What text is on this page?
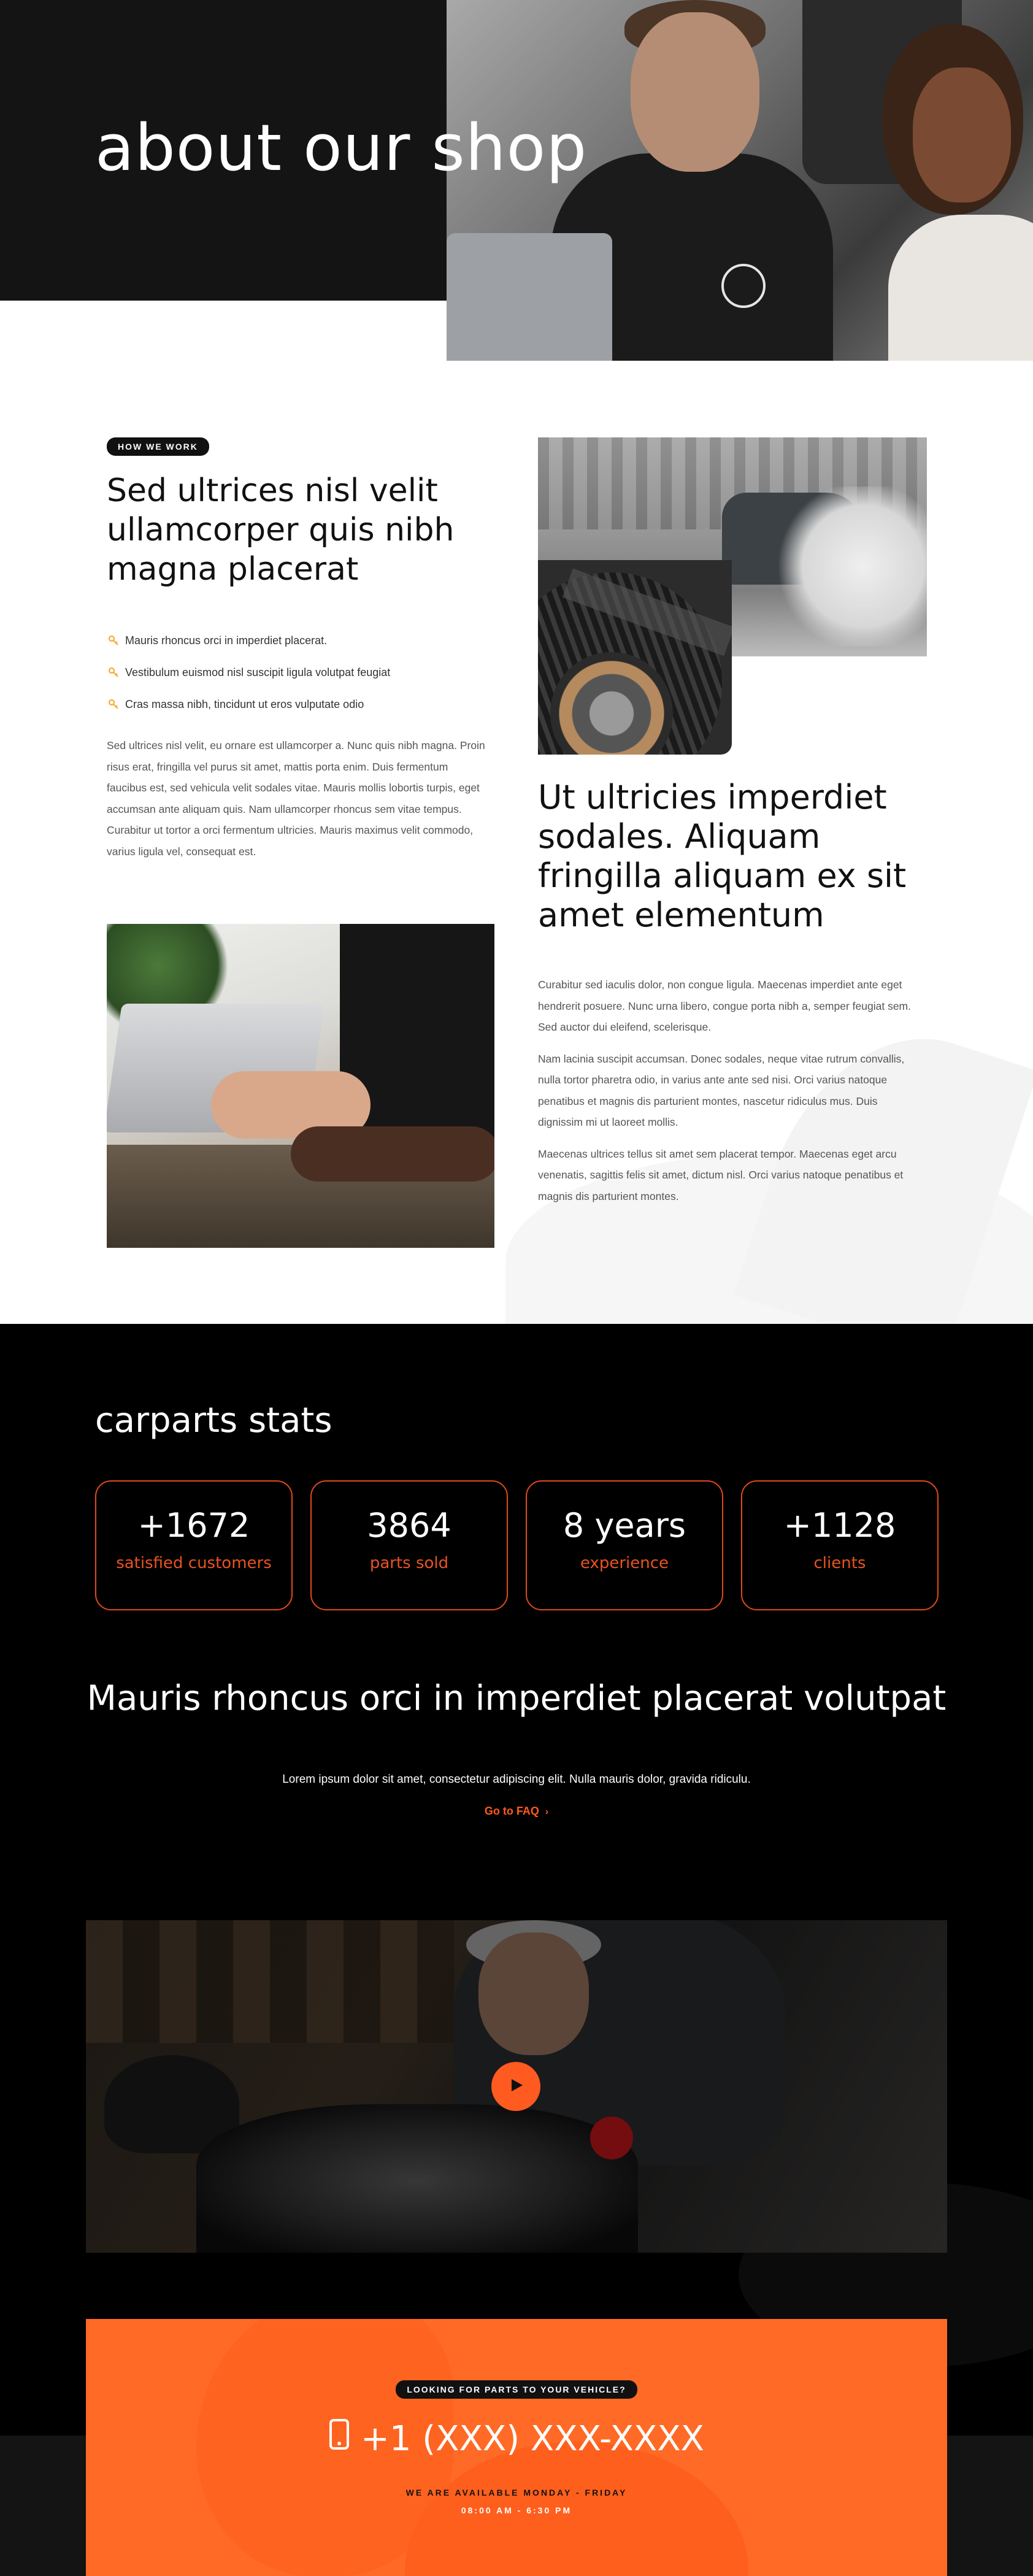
about our shop
HOW WE WORK
Sed ultrices nisl velit ullamcorper quis nibh magna placerat
Mauris rhoncus orci in imperdiet placerat.
Vestibulum euismod nisl suscipit ligula volutpat feugiat
Cras massa nibh, tincidunt ut eros vulputate odio

Sed ultrices nisl velit, eu ornare est ullamcorper a. Nunc quis nibh magna. Proin risus erat, fringilla vel purus sit amet, mattis porta enim. Duis fermentum faucibus est, sed vehicula velit sodales vitae. Mauris mollis lobortis turpis, eget accumsan ante aliquam quis. Nam ullamcorper rhoncus sem vitae tempus. Curabitur ut tortor a orci fermentum ultricies. Mauris maximus velit commodo, varius ligula vel, consequat est.

Ut ultricies imperdiet sodales. Aliquam fringilla aliquam ex sit amet elementum

Curabitur sed iaculis dolor, non congue ligula. Maecenas imperdiet ante eget hendrerit posuere. Nunc urna libero, congue porta nibh a, semper feugiat sem. Sed auctor dui eleifend, scelerisque.

Nam lacinia suscipit accumsan. Donec sodales, neque vitae rutrum convallis, nulla tortor pharetra odio, in varius ante ante sed nisi. Orci varius natoque penatibus et magnis dis parturient montes, nascetur ridiculus mus. Duis dignissim mi ut laoreet mollis.

Maecenas ultrices tellus sit amet sem placerat tempor. Maecenas eget arcu venenatis, sagittis felis sit amet, dictum nisl. Orci varius natoque penatibus et magnis dis parturient montes.

carparts stats
+1672
satisfied customers
3864
parts sold
8 years
experience
+1128
clients
Mauris rhoncus orci in imperdiet placerat volutpat

Lorem ipsum dolor sit amet, consectetur adipiscing elit. Nulla mauris dolor, gravida ridiculu.

Go to FAQ ›
LOOKING FOR PARTS TO YOUR VEHICLE?
+1 (XXX) XXX-XXXX
WE ARE AVAILABLE MONDAY - FRIDAY
08:00 AM - 6:30 PM
